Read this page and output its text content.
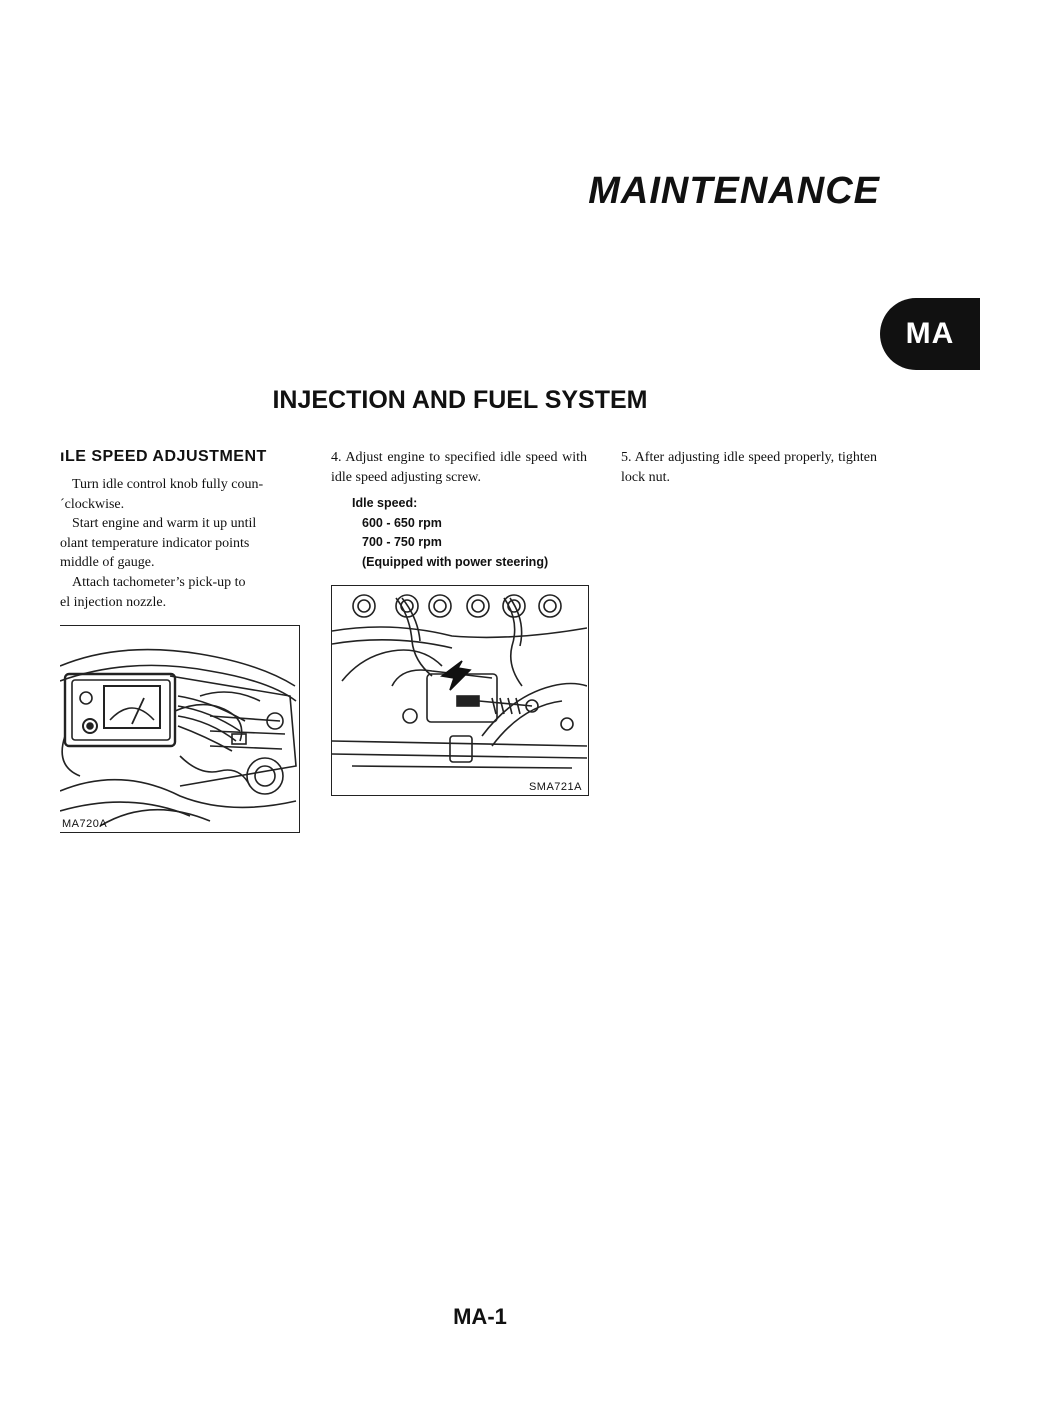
MAINTENANCE
MA
INJECTION AND FUEL SYSTEM
ıLE SPEED ADJUSTMENT

Turn idle control knob fully coun-

´clockwise.

Start engine and warm it up until

olant temperature indicator points

middle of gauge.

Attach tachometer’s pick-up to

el injection nozzle.

ΜA720A

4. Adjust engine to specified idle speed with idle speed adjusting screw.

Idle speed:
600 - 650 rpm
700 - 750 rpm
(Equipped with power steering)
SMA721A

5. After adjusting idle speed properly, tighten lock nut.

MA-1
